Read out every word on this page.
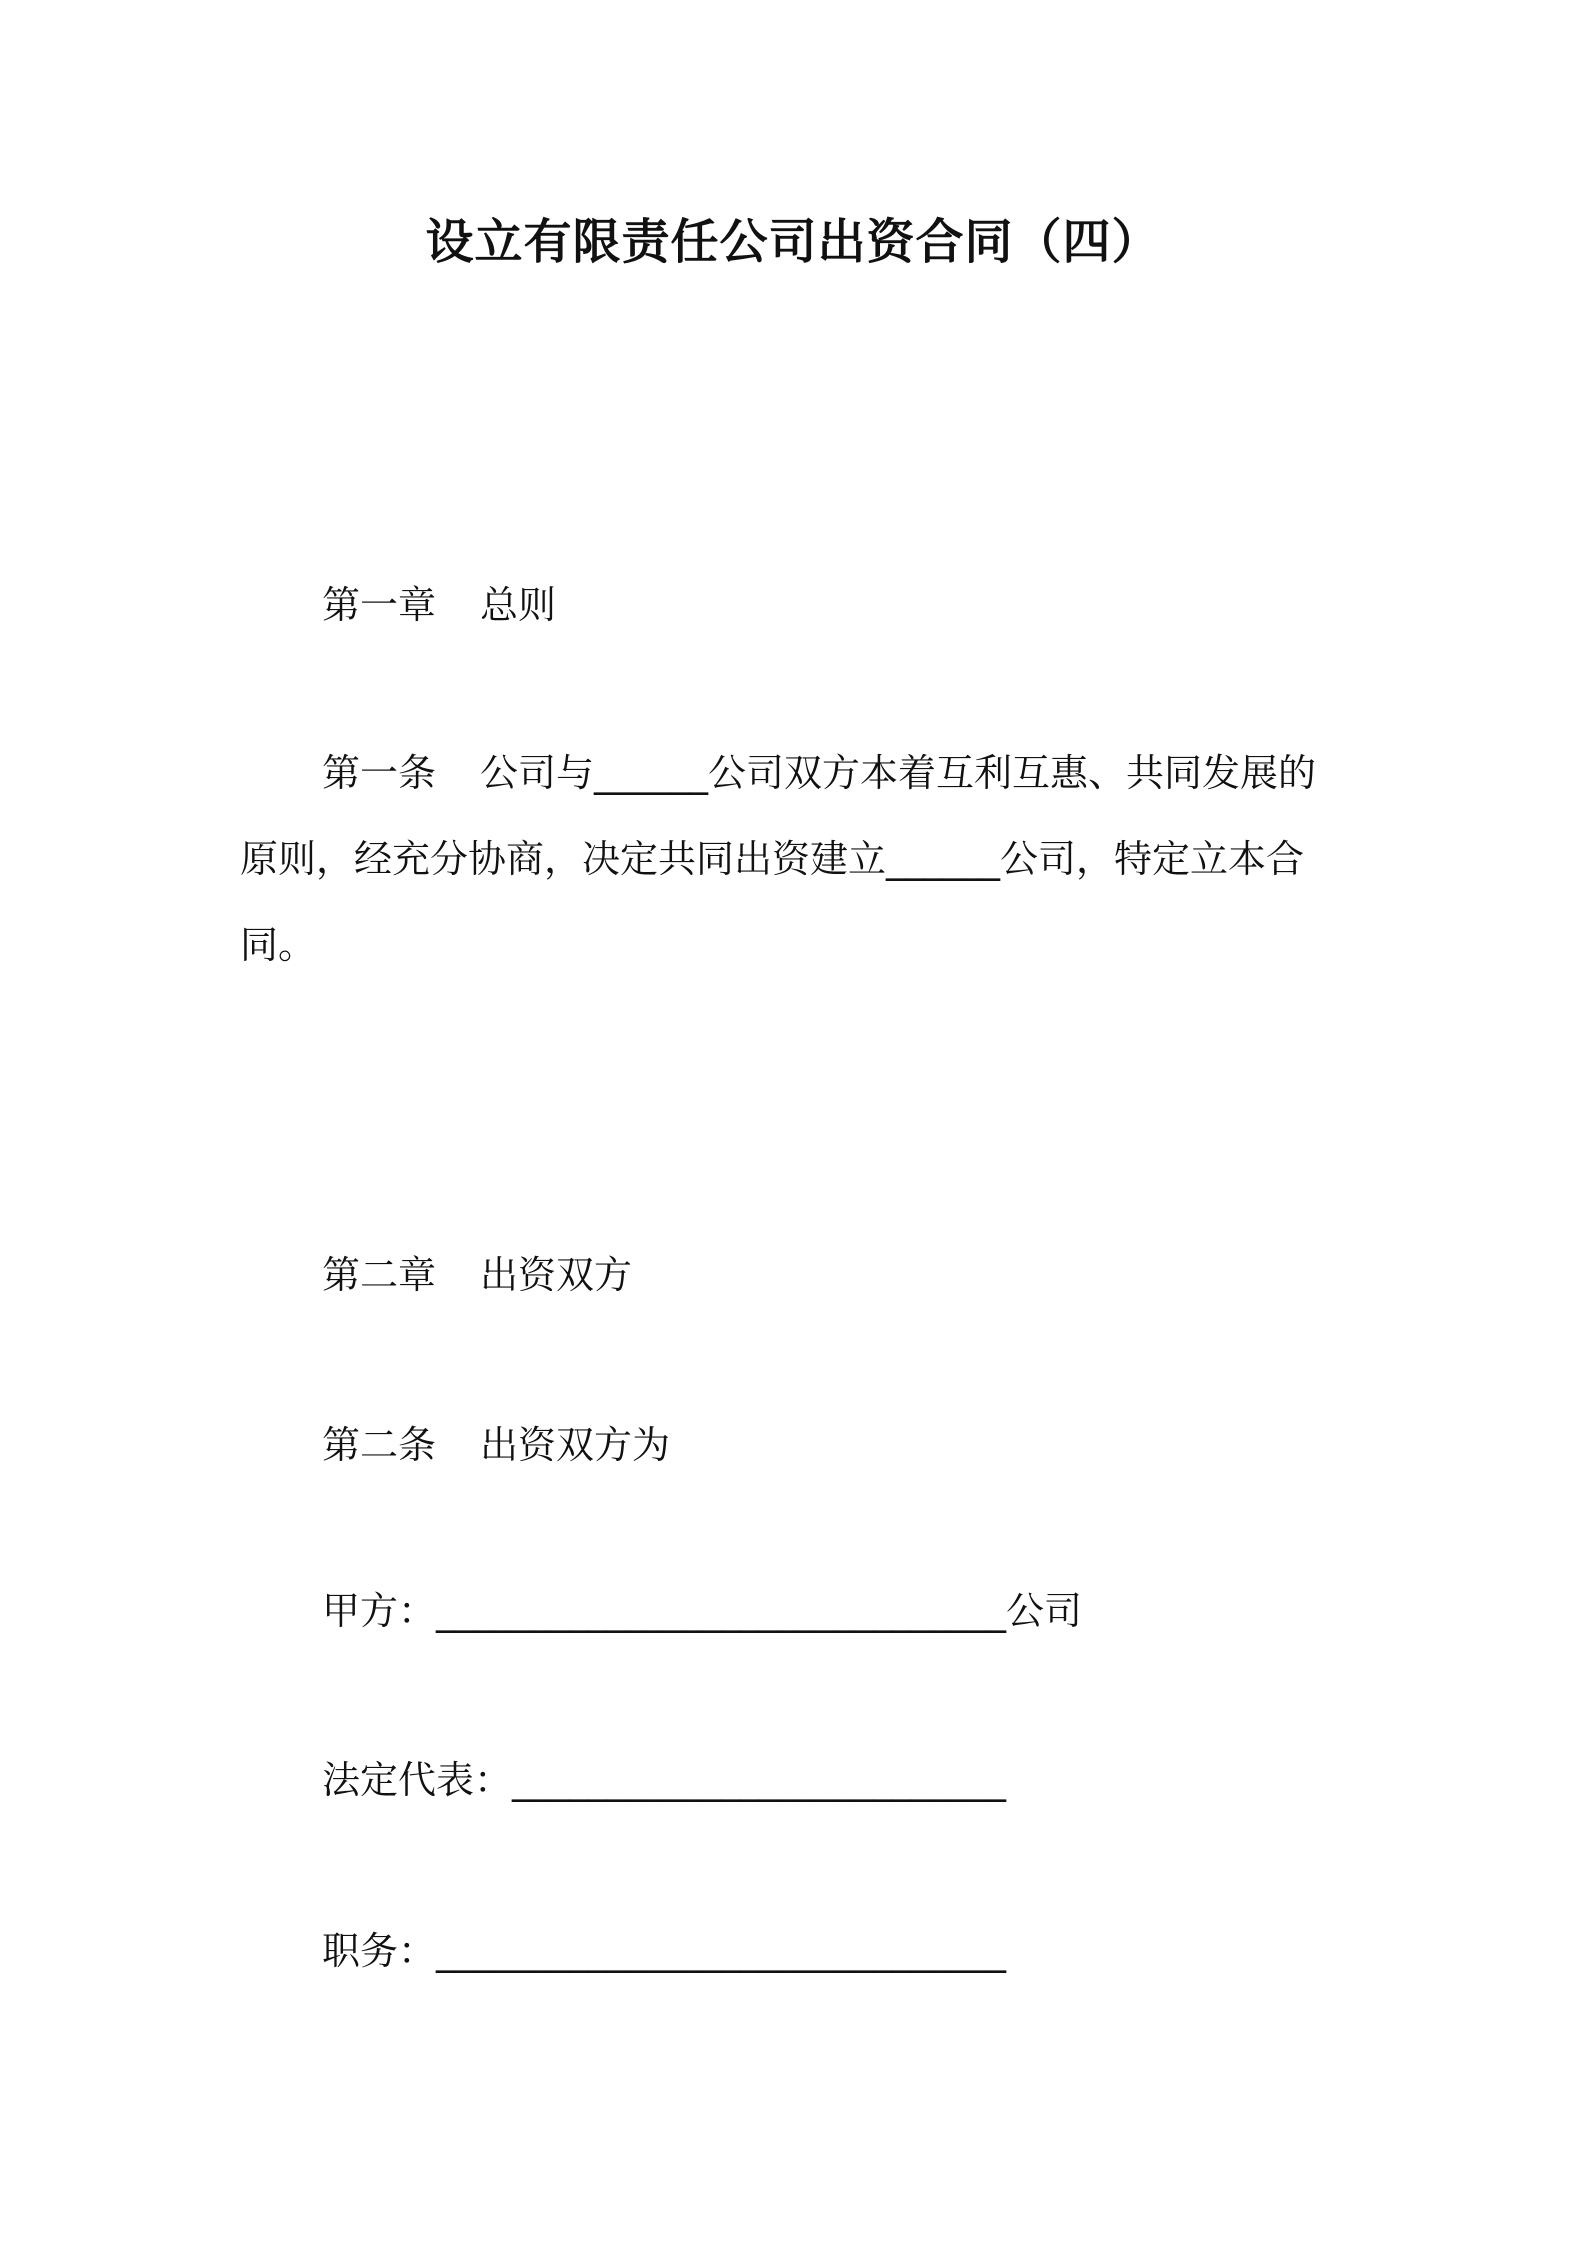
设立有限责任公司出资合同（四）

第一章 总则

第一条 公司与______公司双方本着互利互惠、共同发展的原则，经充分协商，决定共同出资建立______公司，特定立本合同。

第二章 出资双方

第二条 出资双方为

甲方：______________________________公司

法定代表：__________________________

职务：______________________________
